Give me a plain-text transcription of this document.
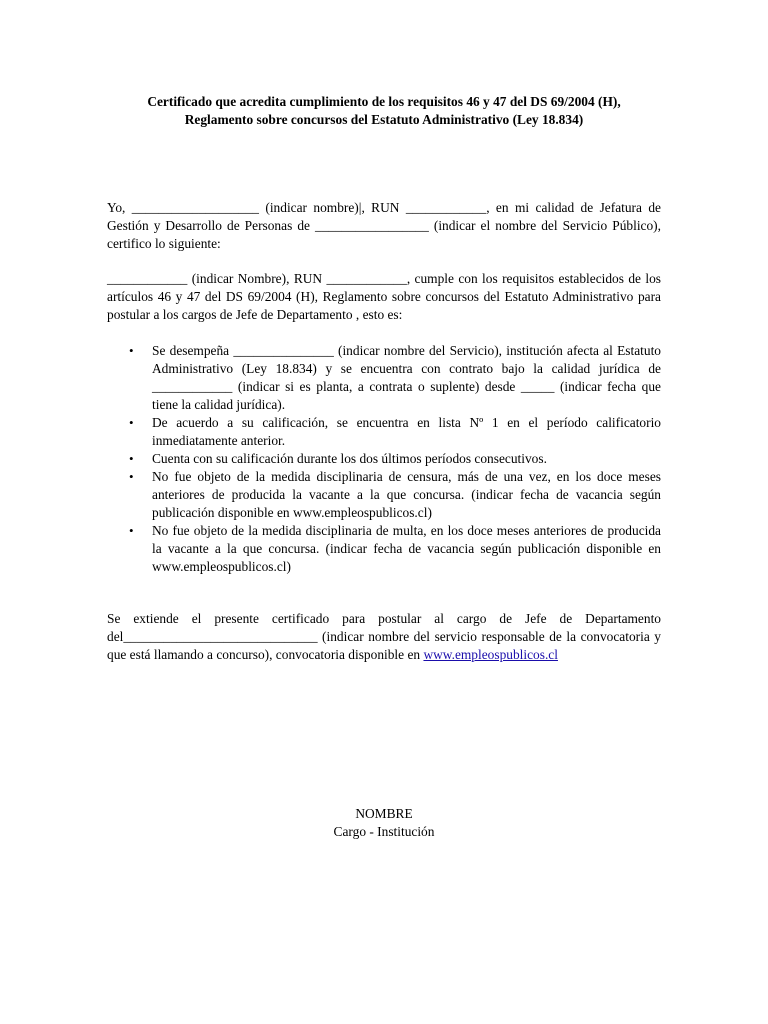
Certificado que acredita cumplimiento de los requisitos 46 y 47 del DS 69/2004 (H),
Reglamento sobre concursos del Estatuto Administrativo (Ley 18.834)
Yo, ___________________ (indicar nombre)|, RUN ____________, en mi calidad de Jefatura de Gestión y Desarrollo de Personas de _________________ (indicar el nombre del Servicio Público), certifico lo siguiente:
____________ (indicar Nombre), RUN ____________, cumple con los requisitos establecidos de los artículos 46 y 47 del DS 69/2004 (H), Reglamento sobre concursos del Estatuto Administrativo para postular a los cargos de Jefe de Departamento , esto es:
• Se desempeña _______________ (indicar nombre del Servicio), institución afecta al Estatuto Administrativo (Ley 18.834) y se encuentra con contrato bajo la calidad jurídica de ____________ (indicar si es planta, a contrata o suplente) desde _____ (indicar fecha que tiene la calidad jurídica).
• De acuerdo a su calificación, se encuentra en lista Nº 1 en el período calificatorio inmediatamente anterior.
• Cuenta con su calificación durante los dos últimos períodos consecutivos.
• No fue objeto de la medida disciplinaria de censura, más de una vez, en los doce meses anteriores de producida la vacante a la que concursa. (indicar fecha de vacancia según publicación disponible en www.empleospublicos.cl)
• No fue objeto de la medida disciplinaria de multa, en los doce meses anteriores de producida la vacante a la que concursa. (indicar fecha de vacancia según publicación disponible en www.empleospublicos.cl)
Se extiende el presente certificado para postular al cargo de Jefe de Departamento del_____________________________ (indicar nombre del servicio responsable de la convocatoria y que está llamando a concurso), convocatoria disponible en www.empleospublicos.cl
NOMBRE
Cargo - Institución
